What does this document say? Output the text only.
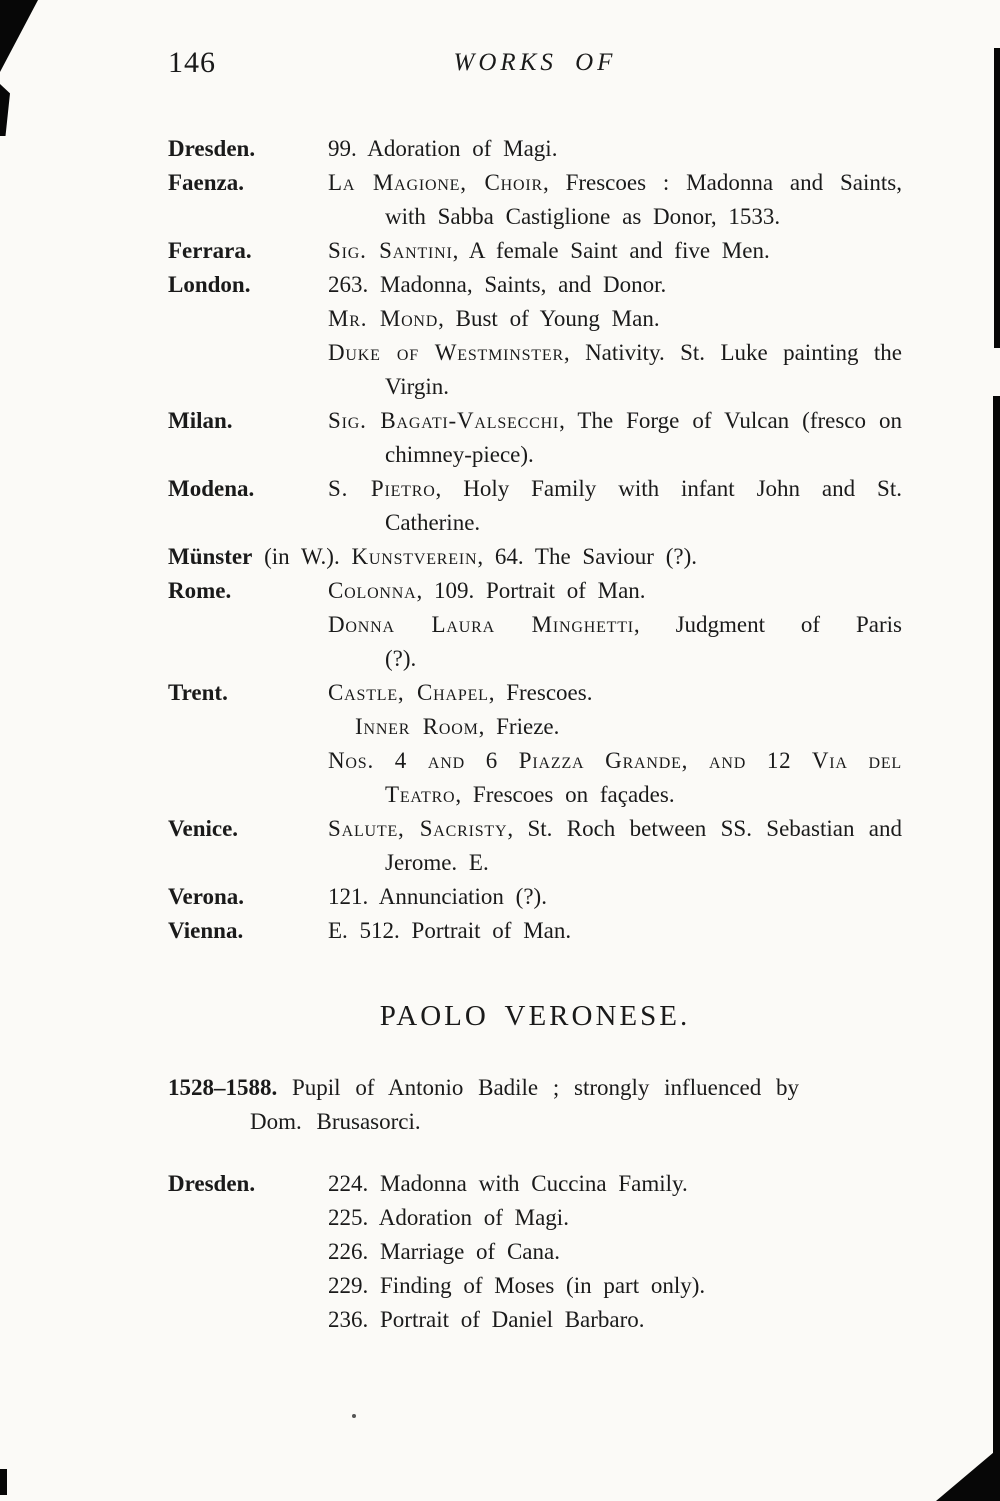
146	WORKS OF
Dresden.	99. Adoration of Magi.

Faenza.	La Magione, Choir, Frescoes : Madonna and Saints, with Sabba Castiglione as Donor, 1533.

Ferrara.	Sig. Santini, A female Saint and five Men.

London.	263. Madonna, Saints, and Donor.

Mr. Mond, Bust of Young Man.

Duke of Westminster, Nativity. St. Luke painting the Virgin.

Milan.	Sig. Bagati-Valsecchi, The Forge of Vulcan (fresco on chimney-piece).

Modena.	S. Pietro, Holy Family with infant John and St. Catherine.

Münster (in W.). Kunstverein, 64. The Saviour (?).

Rome.	Colonna, 109. Portrait of Man.

Donna Laura Minghetti, Judgment of Paris (?).

Trent.	Castle, Chapel, Frescoes.

Inner Room, Frieze.

Nos. 4 and 6 Piazza Grande, and 12 Via del Teatro, Frescoes on façades.

Venice.	Salute, Sacristy, St. Roch between SS. Sebastian and Jerome. E.

Verona.	121. Annunciation (?).

Vienna.	E. 512. Portrait of Man.

PAOLO VERONESE.

1528–1588. Pupil of Antonio Badile ; strongly influenced by
Dom. Brusasorci.

Dresden.	224. Madonna with Cuccina Family.

225. Adoration of Magi.

226. Marriage of Cana.

229. Finding of Moses (in part only).

236. Portrait of Daniel Barbaro.
